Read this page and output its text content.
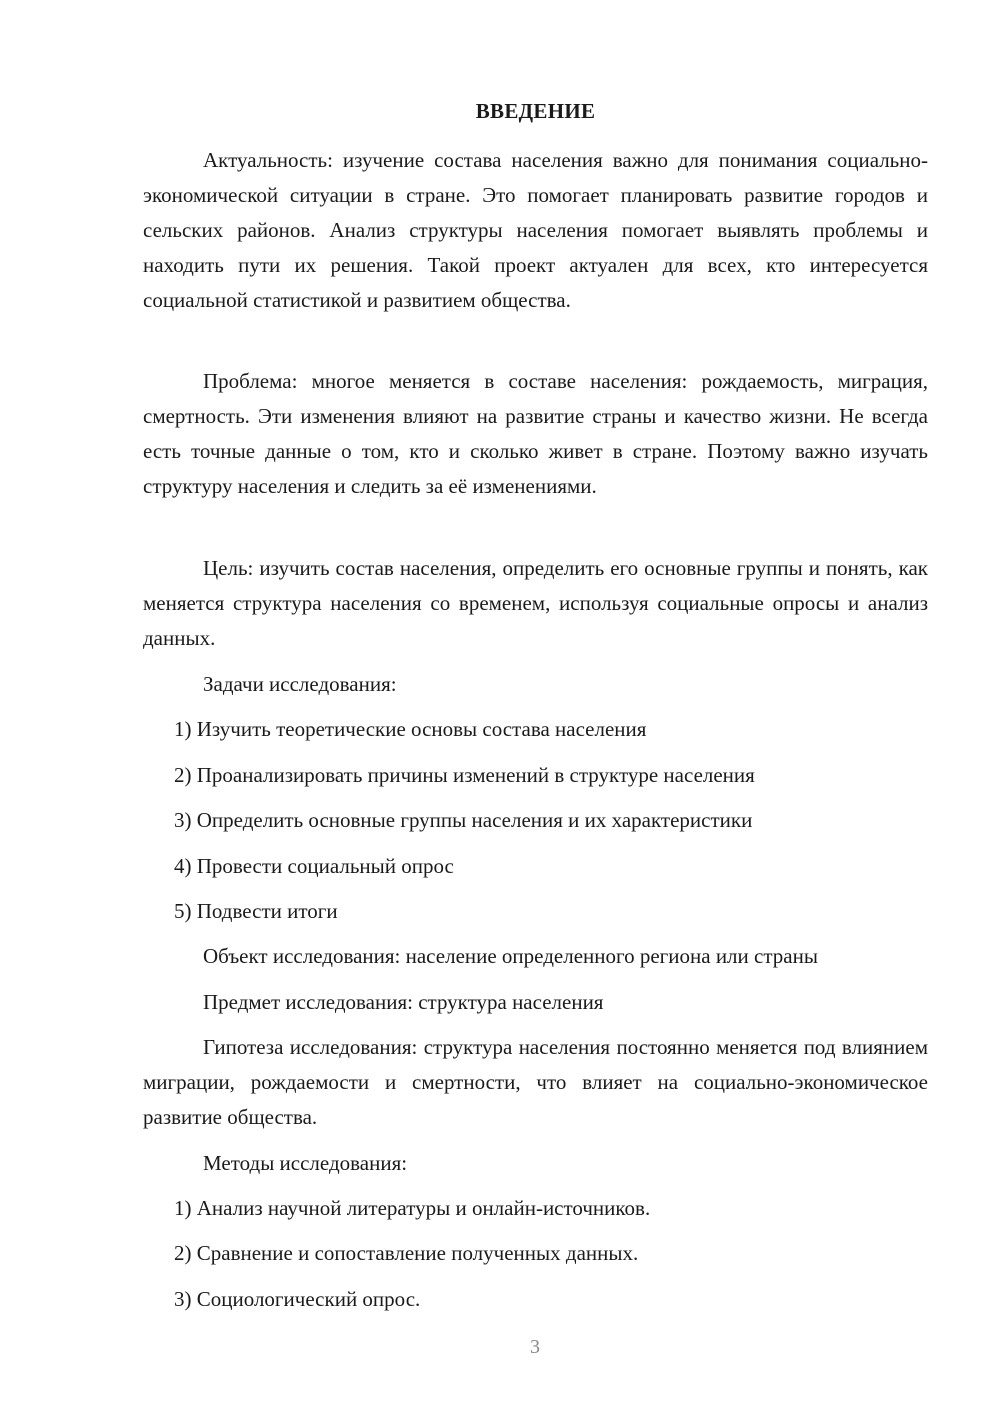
ВВЕДЕНИЕ

Актуальность: изучение состава населения важно для понимания социально-экономической ситуации в стране. Это помогает планировать развитие городов и сельских районов. Анализ структуры населения помогает выявлять проблемы и находить пути их решения. Такой проект актуален для всех, кто интересуется социальной статистикой и развитием общества.

Проблема: многое меняется в составе населения: рождаемость, миграция, смертность. Эти изменения влияют на развитие страны и качество жизни. Не всегда есть точные данные о том, кто и сколько живет в стране. Поэтому важно изучать структуру населения и следить за её изменениями.

Цель: изучить состав населения, определить его основные группы и понять, как меняется структура населения со временем, используя социальные опросы и анализ данных.

Задачи исследования:

1) Изучить теоретические основы состава населения

2) Проанализировать причины изменений в структуре населения

3) Определить основные группы населения и их характеристики

4) Провести социальный опрос

5) Подвести итоги

Объект исследования: население определенного региона или страны

Предмет исследования: структура населения

Гипотеза исследования: структура населения постоянно меняется под влиянием миграции, рождаемости и смертности, что влияет на социально-экономическое развитие общества.

Методы исследования:

1) Анализ научной литературы и онлайн-источников.

2) Сравнение и сопоставление полученных данных.

3) Социологический опрос.

3
